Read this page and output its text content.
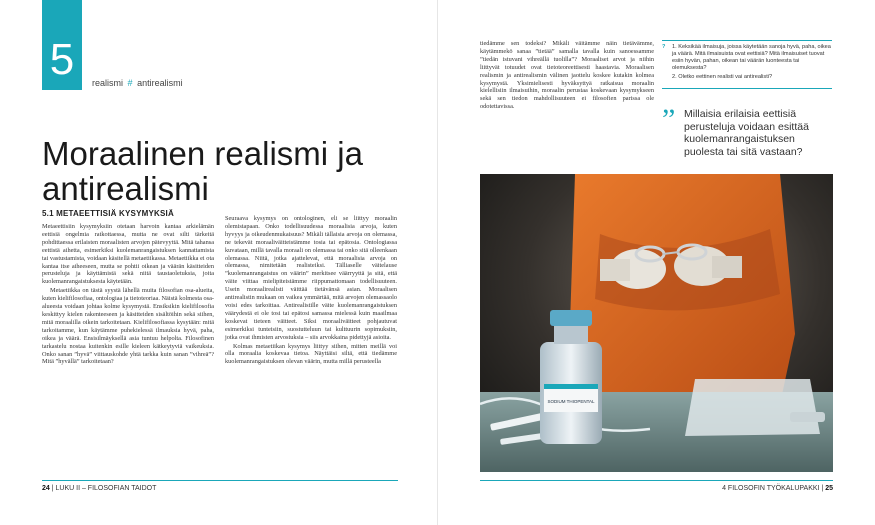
5 realismi # antirealismi
Moraalinen realismi ja antirealismi
5.1 METAEETTISIÄ KYSYMYKSIÄ

Metaeettisiin kysymyksiin otetaan harvoin kantaa arkielämän eettisiä ongelmia ratkottaessa, mutta ne ovat silti tärkeitä pohdittaessa erilaisten moraalisten arvojen pätevyyttä. Mitä tahansa eettistä aihetta, esimerkiksi kuolemanrangaistuksen kannattamista tai vastustamista, voidaan käsitellä metaetiikassa. Metaetiikka ei ota kantaa itse aiheeseen, mutta se pohtii oikean ja väärän käsitteiden perusteluja ja käyttämistä sekä niitä taustaoletuksia, joita kuolemanrangaistuksesta käytetään.

Metaetiikka on tästä syystä lähellä muita filosofian osa-alueita, kuten kielifilosofiaa, ontologiaa ja tietoteoriaa. Näistä kolmesta osa-alueesta voidaan johtaa kolme kysymystä. Ensiksikin kielifilosofia keskittyy kielen rakenteeseen ja käsitteiden sisältöihin sekä siihen, mitä moraalilla oikein tarkoitetaan. Kielifilosofiassa kysytään: mitä tarkoitamme, kun käytämme puhekielessä ilmauksia hyvä, paha, oikea ja väärä. Ensisilmäyksellä asia tuntuu helpolta. Filosofinen tarkastelu nostaa kuitenkin esille kieleen kätkeytyviä vaikeuksia. Onko sanan ”hyvä” viittauskohde yhtä tarkka kuin sanan ”vihreä”? Mitä ”hyvällä” tarkoitetaan?

Seuraava kysymys on ontologinen, eli se liittyy moraalin olemistapaan. Onko todellisuudessa moraalisia arvoja, kuten hyvyys ja oikeudenmukaisuus? Mikäli tällaisia arvoja on olemassa, ne tekevät moraaliväitteistämme tosia tai epätosia. Ontologiassa kuvataan, millä tavalla moraali on olemassa tai onko sitä olleenkaan olemassa. Niitä, jotka ajattelevat, että moraalisia arvoja on olemassa, nimitetään realisteiksi. Tälliaselle väitelause ”kuolemanrangaistus on väärin” merkitsee väärryyttä ja sitä, että väite viittaa mielipiteistämme riippumattomaan todellisuuteen. Usein moraalirealisti väittää tietävänsä asian. Moraalisen antirealistin mukaan on vaikea ymmärtää, mitä arvojen olemassaolo voisi edes tarkoittaa. Antirealistille väite kuolemanrangaistuksen väärydestä ei ole tosi tai epätosi samassa mielessä kuin maailmaa koskevat tieteen väitteet. Siksi moraaliväitteet pohjautuvat esimerkiksi tunteisiin, suostutteluun tai kulttuurin sopimuksiin, jotka ovat ihmisten arvostuksia – siis arvokkaina pidettyjä asioita.

Kolmas metaetiikan kysymys liittyy siihen, mitten meillä voi olla moraalia koskevaa tietoa. Näyttäisi siltä, että tiedämme kuolemanrangaistuksen olevan väärin, mutta millä perusteella

24 | LUKU II – FILOSOFIAN TAIDOT

tiedämme sen todeksi? Mikäli väitämme näin tietävämme, käytämmekö sanaa ”tietää” samalla tavalla kuin sanoessamme ”tiedän istuvani vihreällä tuolilla”? Moraaliset arvot ja niihin liittyvät totuudet ovat tietoteoreettisesti haastavia. Moraalisen realismin ja antirealismin välinen jaottelu koskee kutakin kolmea kysymystä. Yksimielisesti hyväksyttyä ratkaisua moraalin kielellisiin ilmaisuihin, moraalin perustaa koskevaan kysymykseen sekä sen tiedon mahdollisuuteen ei filosofien parissa ole odotettavissa.

?	1. Keksikää ilmaisuja, joissa käytetään sanoja hyvä, paha, oikea ja väärä. Mitä ilmaisuista ovat eettisiä? Mitä ilmaisuiset tuovat esiin hyvän, pahan, oikean tai väärän luonteesta tai olemuksesta?
2. Oletko eettinen realisti vai antirealisti?
” Millaisia erilaisia eettisiä perusteluja voidaan esittää kuolemanrangaistuksen puolesta tai sitä vastaan?
SODIUM THIOPENTAL
4 FILOSOFIN TYÖKALUPAKKI | 25
